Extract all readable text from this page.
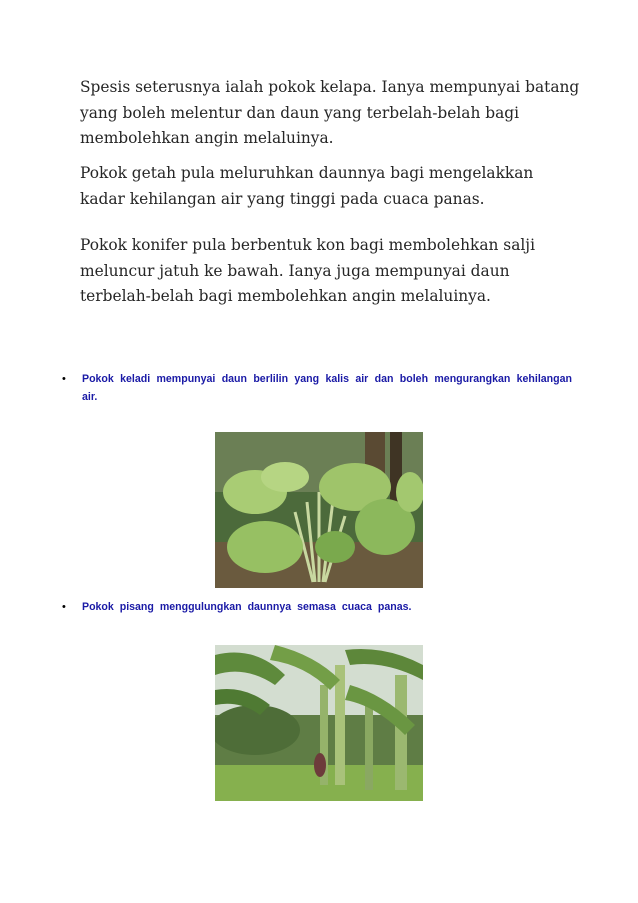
Spesis seterusnya ialah pokok kelapa. Ianya mempunyai batang yang boleh melentur dan daun yang terbelah-belah bagi membolehkan angin melaluinya.

Pokok getah pula meluruhkan daunnya bagi mengelakkan kadar kehilangan air yang tinggi pada cuaca panas.

Pokok konifer pula berbentuk kon bagi membolehkan salji meluncur jatuh ke bawah. Ianya juga mempunyai daun terbelah-belah bagi membolehkan angin melaluinya.

• Pokok keladi mempunyai daun berlilin yang kalis air dan boleh mengurangkan kehilangan air.
• Pokok pisang menggulungkan daunnya semasa cuaca panas.
